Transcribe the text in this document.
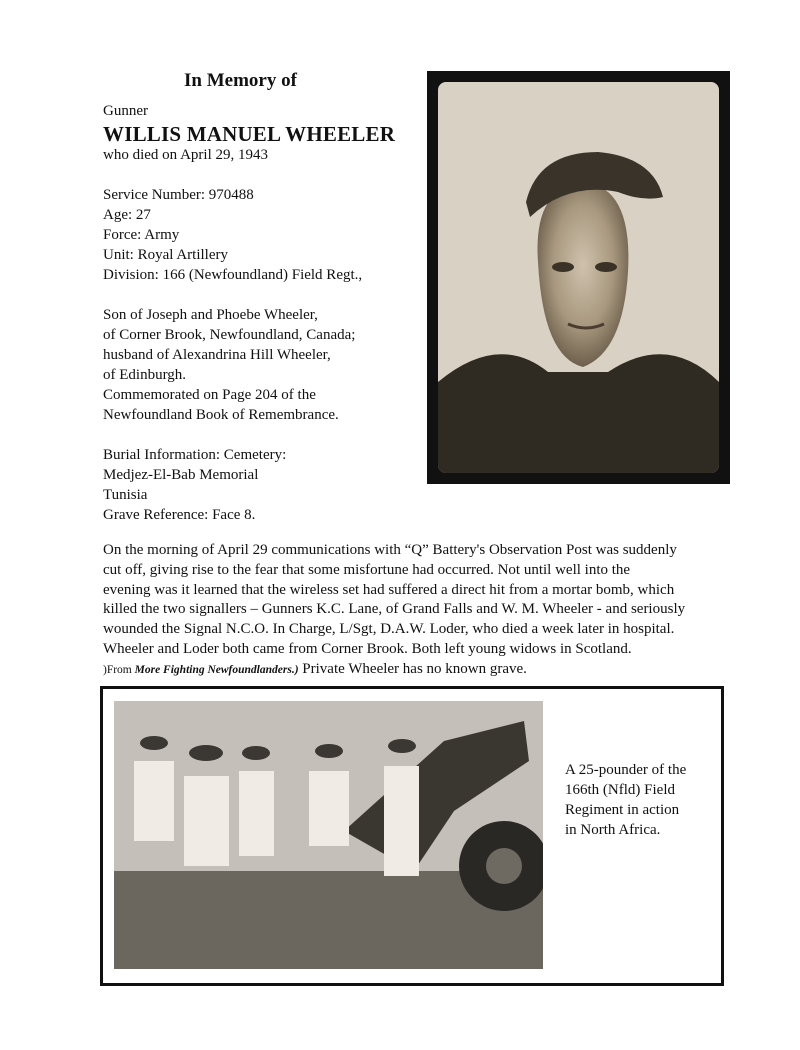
In Memory of
Gunner
WILLIS MANUEL WHEELER
who died on April 29, 1943
Service Number: 970488
Age: 27
Force: Army
Unit: Royal Artillery
Division: 166 (Newfoundland) Field Regt.,
Son of Joseph and Phoebe Wheeler,
of Corner Brook, Newfoundland, Canada;
husband of Alexandrina Hill Wheeler,
of Edinburgh.
Commemorated on Page 204 of the
Newfoundland Book of Remembrance.
Burial Information: Cemetery:
Medjez-El-Bab Memorial
Tunisia
Grave Reference: Face 8.

On the morning of April 29 communications with “Q” Battery's Observation Post was suddenly

cut off, giving rise to the fear that some misfortune had occurred. Not until well into the

evening was it learned that the wireless set had suffered a direct hit from a mortar bomb, which

killed the two signallers – Gunners K.C. Lane, of Grand Falls and W. M. Wheeler - and seriously

wounded the Signal N.C.O. In Charge, L/Sgt, D.A.W. Loder, who died a week later in hospital.

Wheeler and Loder both came from Corner Brook. Both left young widows in Scotland.

)From More Fighting Newfoundlanders.) Private Wheeler has no known grave.

A 25-pounder of the
166th (Nfld) Field
Regiment in action
in North Africa.
